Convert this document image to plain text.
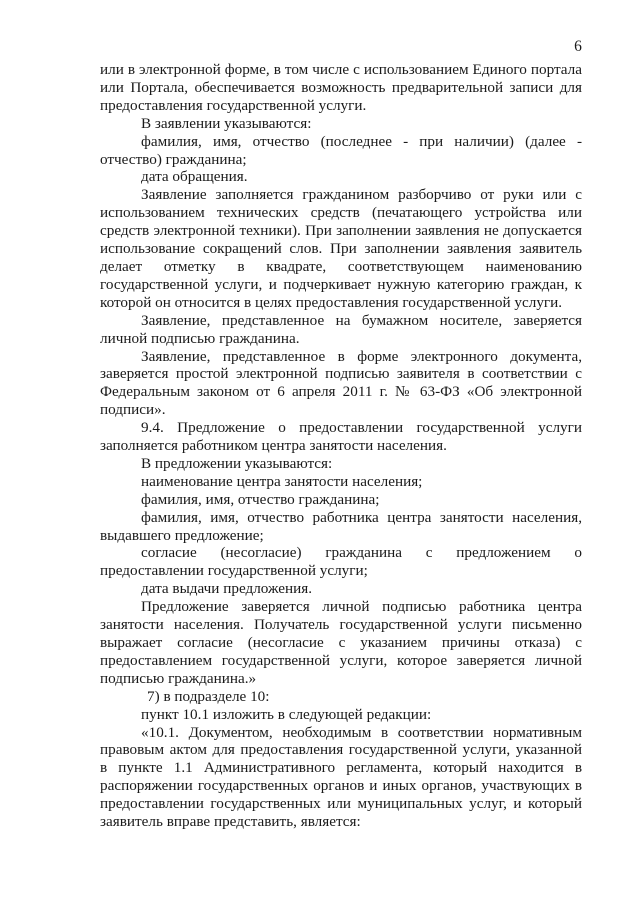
6

или в электронной форме, в том числе с использованием Единого портала или Портала, обеспечивается возможность предварительной записи для предоставления государственной услуги.

В заявлении указываются:

фамилия, имя, отчество (последнее - при наличии) (далее - отчество) гражданина;

дата обращения.

Заявление заполняется гражданином разборчиво от руки или с использованием технических средств (печатающего устройства или средств электронной техники). При заполнении заявления не допускается использование сокращений слов. При заполнении заявления заявитель делает отметку в квадрате, соответствующем наименованию государственной услуги, и подчеркивает нужную категорию граждан, к которой он относится в целях предоставления государственной услуги.

Заявление, представленное на бумажном носителе, заверяется личной подписью гражданина.

Заявление, представленное в форме электронного документа, заверяется простой электронной подписью заявителя в соответствии с Федеральным законом от 6 апреля 2011 г. № 63-ФЗ «Об электронной подписи».

9.4. Предложение о предоставлении государственной услуги заполняется работником центра занятости населения.

В предложении указываются:

наименование центра занятости населения;

фамилия, имя, отчество гражданина;

фамилия, имя, отчество работника центра занятости населения, выдавшего предложение;

согласие (несогласие) гражданина с предложением о предоставлении государственной услуги;

дата выдачи предложения.

Предложение заверяется личной подписью работника центра занятости населения. Получатель государственной услуги письменно выражает согласие (несогласие с указанием причины отказа) с предоставлением государственной услуги, которое заверяется личной подписью гражданина.»

7) в подразделе 10:

пункт 10.1 изложить в следующей редакции:

«10.1. Документом, необходимым в соответствии нормативным правовым актом для предоставления государственной услуги, указанной в пункте 1.1 Административного регламента, который находится в распоряжении государственных органов и иных органов, участвующих в предоставлении государственных или муниципальных услуг, и который заявитель вправе представить, является:
